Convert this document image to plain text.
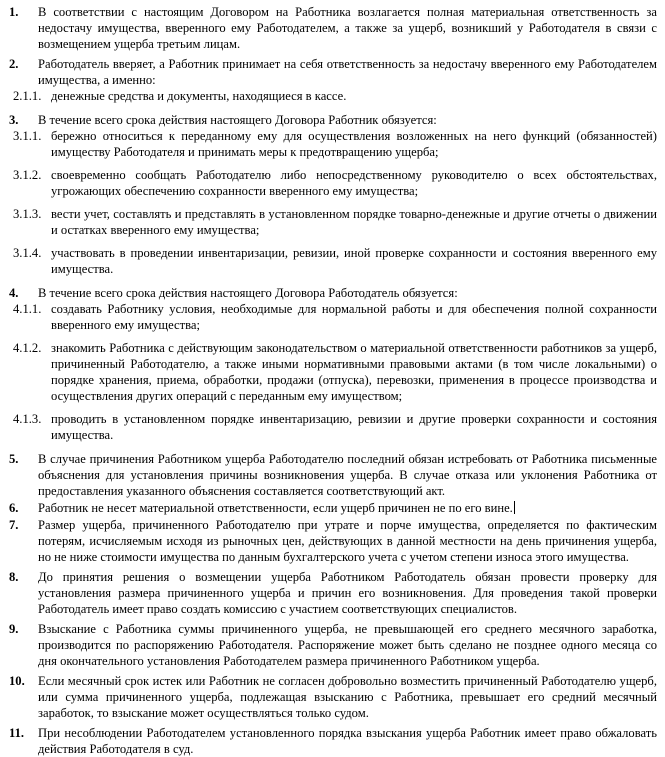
1.	В соответствии с настоящим Договором на Работника возлагается полная материальная ответственность за недостачу имущества, вверенного ему Работодателем, а также за ущерб, возникший у Работодателя в связи с возмещением ущерба третьим лицам.
2.	Работодатель вверяет, а Работник принимает на себя ответственность за недостачу вверенного ему Работодателем имущества, а именно:
2.1.1. денежные средства и документы, находящиеся в кассе.
3.	В течение всего срока действия настоящего Договора Работник обязуется:
3.1.1. бережно относиться к переданному ему для осуществления возложенных на него функций (обязанностей) имуществу Работодателя и принимать меры к предотвращению ущерба;
3.1.2. своевременно сообщать Работодателю либо непосредственному руководителю о всех обстоятельствах, угрожающих обеспечению сохранности вверенного ему имущества;
3.1.3. вести учет, составлять и представлять в установленном порядке товарно-денежные и другие отчеты о движении и остатках вверенного ему имущества;
3.1.4. участвовать в проведении инвентаризации, ревизии, иной проверке сохранности и состояния вверенного ему имущества.
4.	В течение всего срока действия настоящего Договора Работодатель обязуется:
4.1.1. создавать Работнику условия, необходимые для нормальной работы и для обеспечения полной сохранности вверенного ему имущества;
4.1.2. знакомить Работника с действующим законодательством о материальной ответственности работников за ущерб, причиненный Работодателю, а также иными нормативными правовыми актами (в том числе локальными) о порядке хранения, приема, обработки, продажи (отпуска), перевозки, применения в процессе производства и осуществления других операций с переданным ему имуществом;
4.1.3. проводить в установленном порядке инвентаризацию, ревизии и другие проверки сохранности и состояния имущества.
5.	В случае причинения Работником ущерба Работодателю последний обязан истребовать от Работника письменные объяснения для установления причины возникновения ущерба. В случае отказа или уклонения Работника от предоставления указанного объяснения составляется соответствующий акт.
6.	Работник не несет материальной ответственности, если ущерб причинен не по его вине.
7.	Размер ущерба, причиненного Работодателю при утрате и порче имущества, определяется по фактическим потерям, исчисляемым исходя из рыночных цен, действующих в данной местности на день причинения ущерба, но не ниже стоимости имущества по данным бухгалтерского учета с учетом степени износа этого имущества.
8.	До принятия решения о возмещении ущерба Работником Работодатель обязан провести проверку для установления размера причиненного ущерба и причин его возникновения. Для проведения такой проверки Работодатель имеет право создать комиссию с участием соответствующих специалистов.
9.	Взыскание с Работника суммы причиненного ущерба, не превышающей его среднего месячного заработка, производится по распоряжению Работодателя. Распоряжение может быть сделано не позднее одного месяца со дня окончательного установления Работодателем размера причиненного Работником ущерба.
10.	Если месячный срок истек или Работник не согласен добровольно возместить причиненный Работодателю ущерб, или сумма причиненного ущерба, подлежащая взысканию с Работника, превышает его средний месячный заработок, то взыскание может осуществляться только судом.
11.	При несоблюдении Работодателем установленного порядка взыскания ущерба Работник имеет право обжаловать действия Работодателя в суд.
